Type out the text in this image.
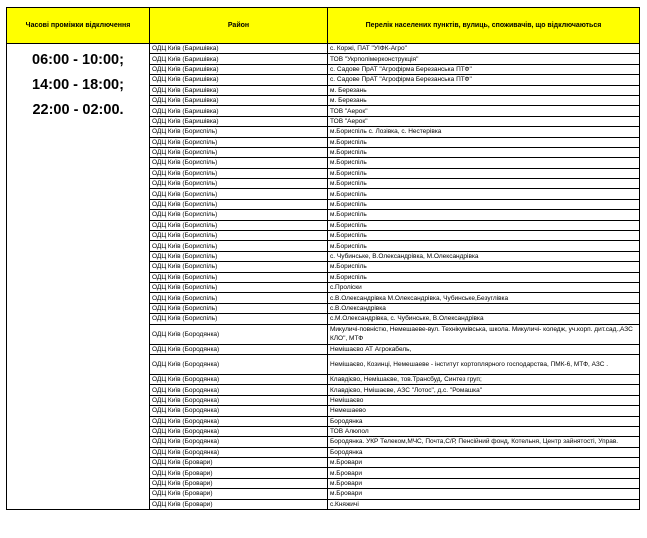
Часові проміжки відключення	Район	Перелік населених пунктів, вулиць, споживачів, що відключаються

06:00 - 10:00;
14:00 - 18:00;
22:00 - 02:00.	ОДЦ Київ (Баришівка)	с. Коржі, ПАТ "УІФК-Агро"
	ОДЦ Київ (Баришівка)	ТОВ "Укрполімерконструкція"
	ОДЦ Київ (Баришівка)	с. Садове ПрАТ "Агрофірма Березанська ПТФ"
	ОДЦ Київ (Баришівка)	с. Садове ПрАТ "Агрофірма Березанська ПТФ"
	ОДЦ Київ (Баришівка)	м. Березань
	ОДЦ Київ (Баришівка)	м. Березань
	ОДЦ Київ (Баришівка)	ТОВ "Аерок"
	ОДЦ Київ (Баришівка)	ТОВ "Аерок"
	ОДЦ Київ (Бориспіль)	м.Бориспіль с. Лозівка, с. Нестерівка
	ОДЦ Київ (Бориспіль)	м.Бориспіль
	ОДЦ Київ (Бориспіль)	м.Бориспіль
	ОДЦ Київ (Бориспіль)	м.Бориспіль
	ОДЦ Київ (Бориспіль)	м.Бориспіль
	ОДЦ Київ (Бориспіль)	м.Бориспіль
	ОДЦ Київ (Бориспіль)	м.Бориспіль
	ОДЦ Київ (Бориспіль)	м.Бориспіль
	ОДЦ Київ (Бориспіль)	м.Бориспіль
	ОДЦ Київ (Бориспіль)	м.Бориспіль
	ОДЦ Київ (Бориспіль)	м.Бориспіль
	ОДЦ Київ (Бориспіль)	м.Бориспіль
	ОДЦ Київ (Бориспіль)	с. Чубинське, В.Олександрівка, М.Олександрівка
	ОДЦ Київ (Бориспіль)	м.Бориспіль
	ОДЦ Київ (Бориспіль)	м.Бориспіль
	ОДЦ Київ (Бориспіль)	с.Проліски
	ОДЦ Київ (Бориспіль)	с.В.Олександрівка М.Олександрівка, Чубинське,Безуглівка
	ОДЦ Київ (Бориспіль)	с.В.Олександрівка
	ОДЦ Київ (Бориспіль)	с.М.Олександрівка, с. Чубинське, В.Олександрівка
	ОДЦ Київ (Бородянка)	Микуличі-повністю, Немешаеве-вул. Технікумівська, школа. Микуличі- коледж, уч.корп. дит.сад.,АЗС КЛО", МТФ
	ОДЦ Київ (Бородянка)	Немішаєво АТ Агрокабель,
	ОДЦ Київ (Бородянка)	Немішаєво, Козинці, Немешаеве - інститут кортоплярного господарства, ПМК-6, МТФ, АЗС .
	ОДЦ Київ (Бородянка)	Клавдієво, Немішаєве, тов.Трансбуд, Синтез груп;
	ОДЦ Київ (Бородянка)	Клавдієво, Нмішаєве, АЗС "Лотос", д.с. "Ромашка"
	ОДЦ Київ (Бородянка)	Немішаєво
	ОДЦ Київ (Бородянка)	Немешаево
	ОДЦ Київ (Бородянка)	Бородянка
	ОДЦ Київ (Бородянка)	ТОВ Алюпол
	ОДЦ Київ (Бородянка)	Бородянка. УКР Телеком,МЧС, Почта,С/Р, Пенсійний фонд, Котельня, Центр зайнятості, Управ.
	ОДЦ Київ (Бородянка)	Бородянка
	ОДЦ Київ (Бровари)	м.Бровари
	ОДЦ Київ (Бровари)	м.Бровари
	ОДЦ Київ (Бровари)	м.Бровари
	ОДЦ Київ (Бровари)	м.Бровари
	ОДЦ Київ (Бровари)	с.Княжичі
